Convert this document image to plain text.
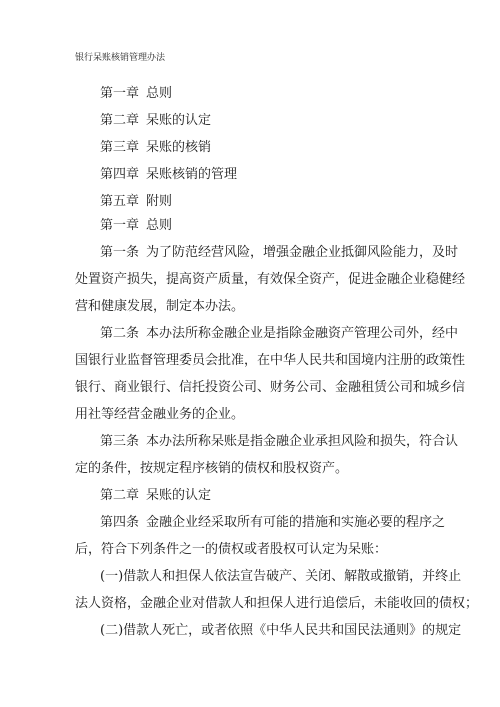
银行呆账核销管理办法
第一章 总则
第二章 呆账的认定
第三章 呆账的核销
第四章 呆账核销的管理
第五章 附则
第一章 总则

第一条 为了防范经营风险，增强金融企业抵御风险能力，及时
处置资产损失，提高资产质量，有效保全资产，促进金融企业稳健经
营和健康发展，制定本办法。

第二条 本办法所称金融企业是指除金融资产管理公司外，经中
国银行业监督管理委员会批准，在中华人民共和国境内注册的政策性
银行、商业银行、信托投资公司、财务公司、金融租赁公司和城乡信
用社等经营金融业务的企业。

第三条 本办法所称呆账是指金融企业承担风险和损失，符合认
定的条件，按规定程序核销的债权和股权资产。

第二章 呆账的认定

第四条 金融企业经采取所有可能的措施和实施必要的程序之
后，符合下列条件之一的债权或者股权可认定为呆账：

(一)借款人和担保人依法宣告破产、关闭、解散或撤销，并终止
法人资格，金融企业对借款人和担保人进行追偿后，未能收回的债权；

(二)借款人死亡，或者依照《中华人民共和国民法通则》的规定
